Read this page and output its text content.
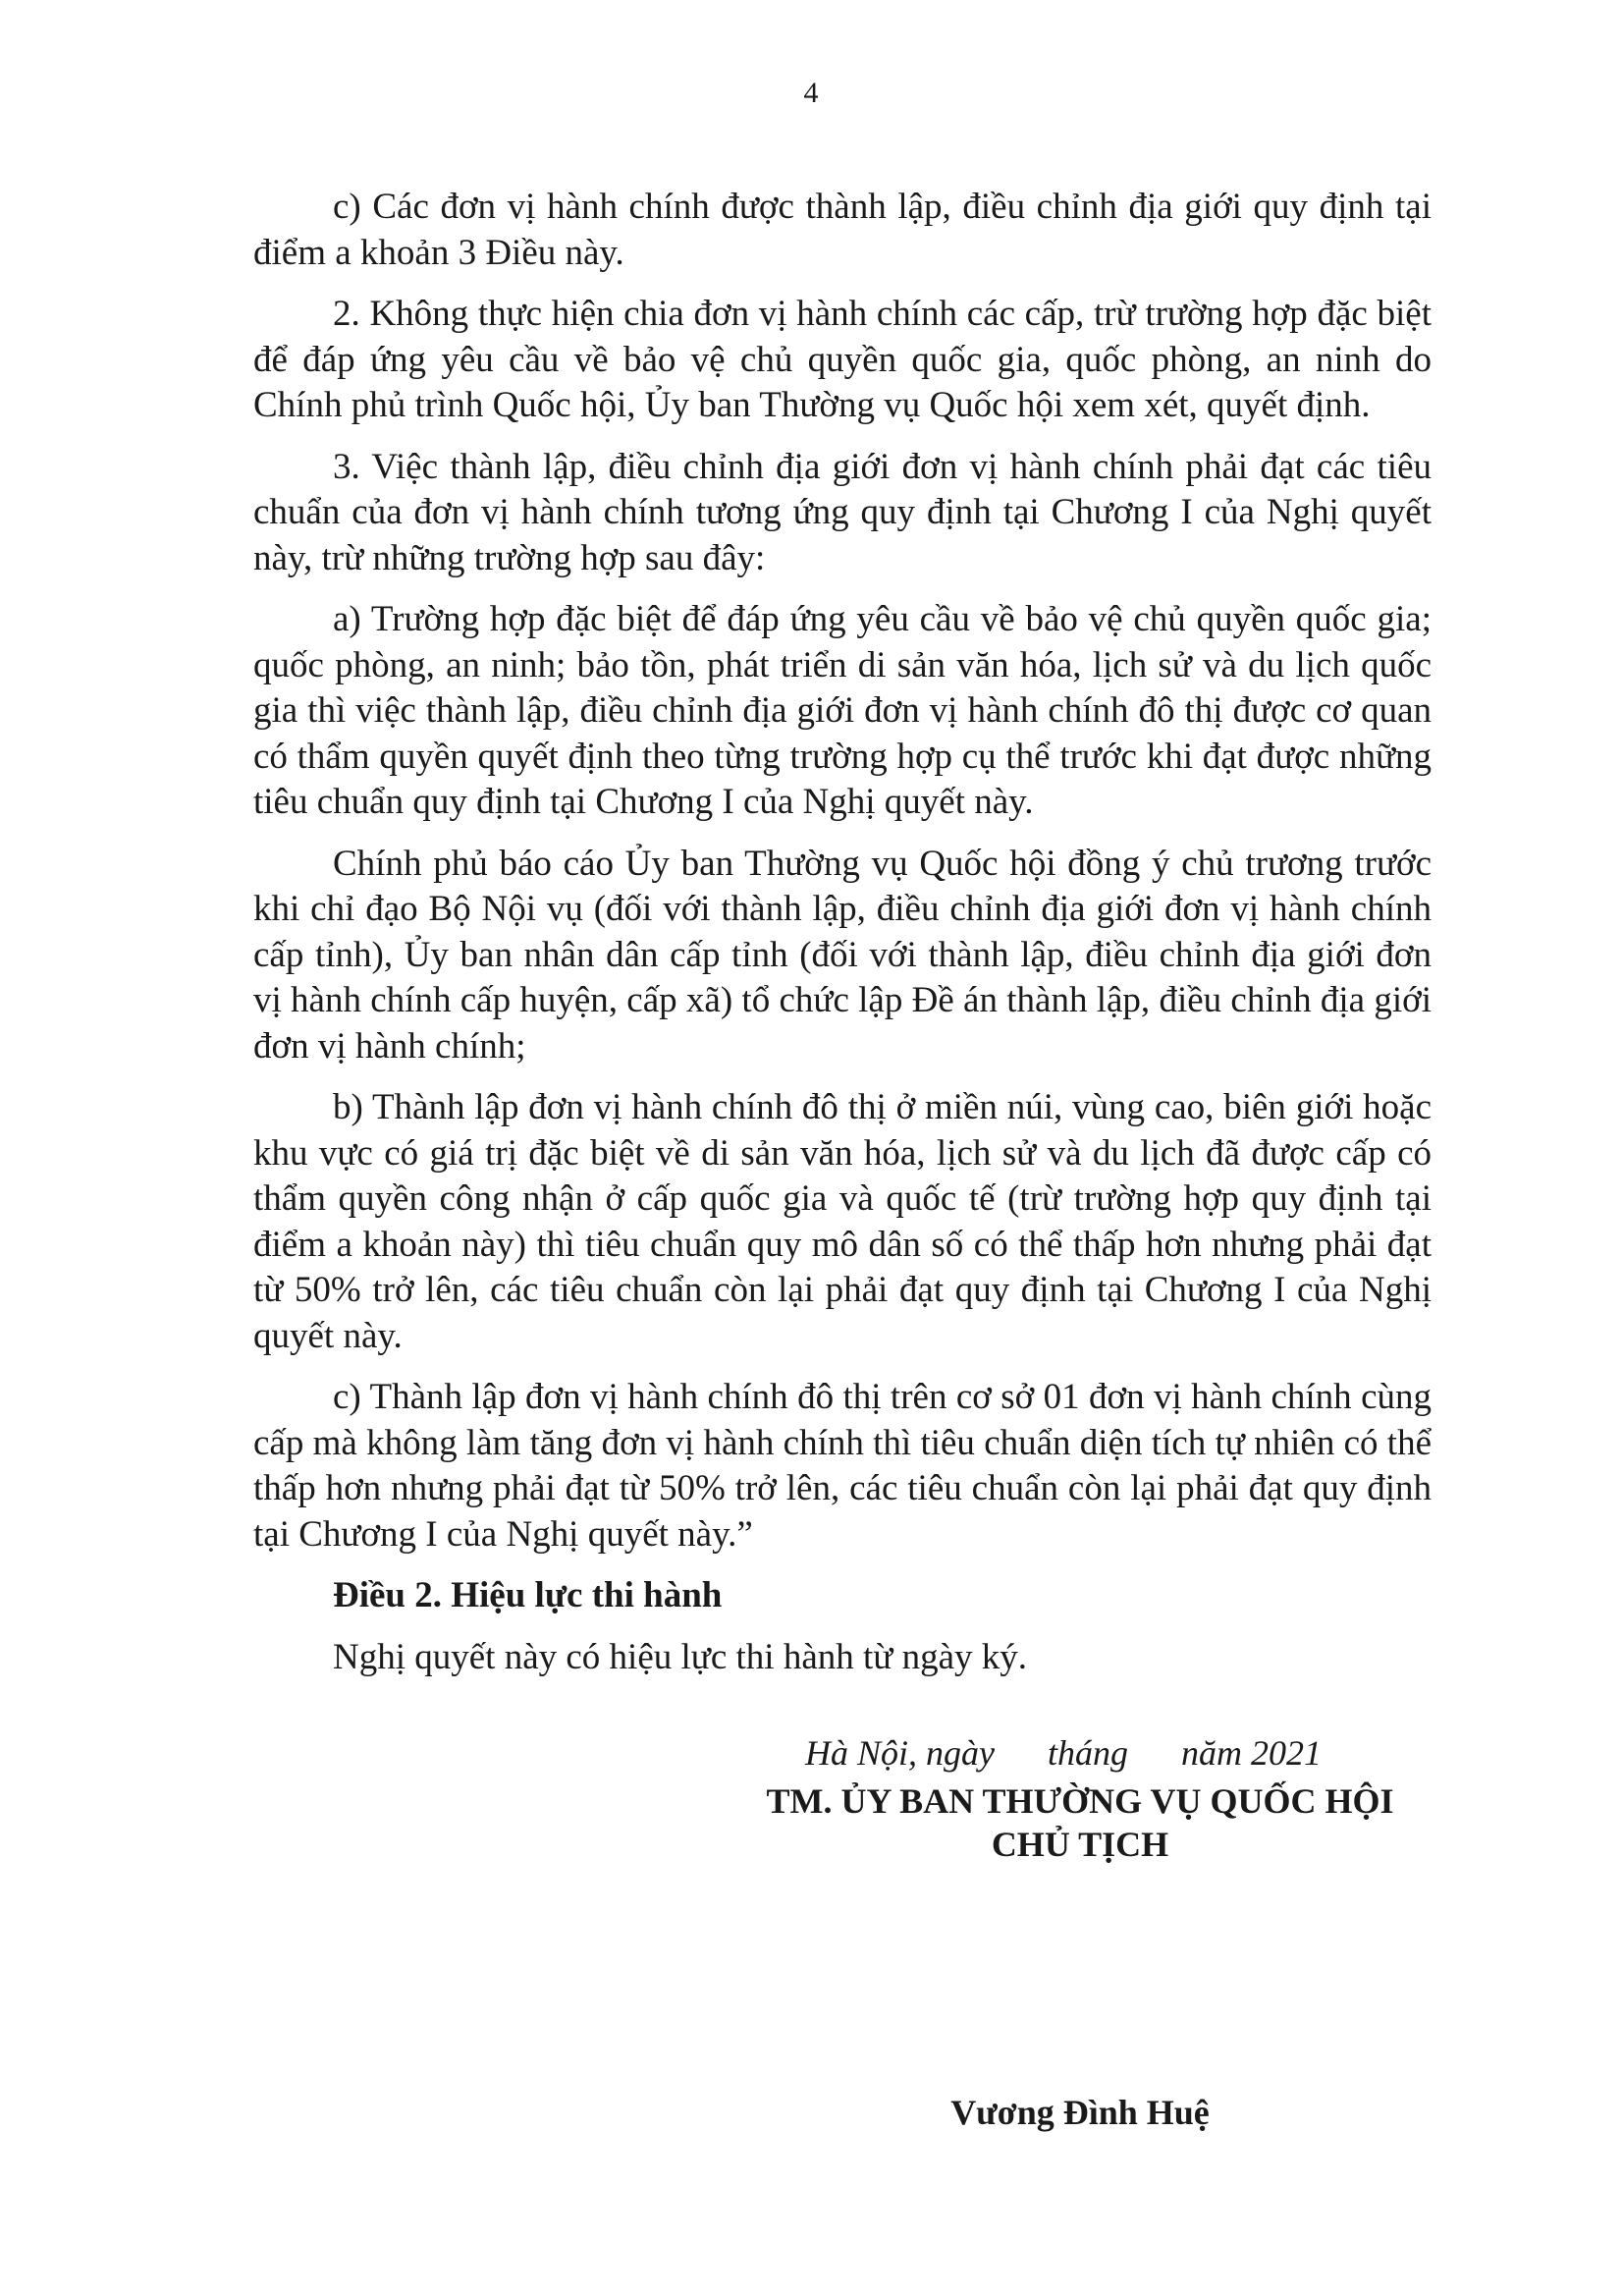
4

c) Các đơn vị hành chính được thành lập, điều chỉnh địa giới quy định tại điểm a khoản 3 Điều này.

2. Không thực hiện chia đơn vị hành chính các cấp, trừ trường hợp đặc biệt để đáp ứng yêu cầu về bảo vệ chủ quyền quốc gia, quốc phòng, an ninh do Chính phủ trình Quốc hội, Ủy ban Thường vụ Quốc hội xem xét, quyết định.

3. Việc thành lập, điều chỉnh địa giới đơn vị hành chính phải đạt các tiêu chuẩn của đơn vị hành chính tương ứng quy định tại Chương I của Nghị quyết này, trừ những trường hợp sau đây:

a) Trường hợp đặc biệt để đáp ứng yêu cầu về bảo vệ chủ quyền quốc gia; quốc phòng, an ninh; bảo tồn, phát triển di sản văn hóa, lịch sử và du lịch quốc gia thì việc thành lập, điều chỉnh địa giới đơn vị hành chính đô thị được cơ quan có thẩm quyền quyết định theo từng trường hợp cụ thể trước khi đạt được những tiêu chuẩn quy định tại Chương I của Nghị quyết này.

Chính phủ báo cáo Ủy ban Thường vụ Quốc hội đồng ý chủ trương trước khi chỉ đạo Bộ Nội vụ (đối với thành lập, điều chỉnh địa giới đơn vị hành chính cấp tỉnh), Ủy ban nhân dân cấp tỉnh (đối với thành lập, điều chỉnh địa giới đơn vị hành chính cấp huyện, cấp xã) tổ chức lập Đề án thành lập, điều chỉnh địa giới đơn vị hành chính;

b) Thành lập đơn vị hành chính đô thị ở miền núi, vùng cao, biên giới hoặc khu vực có giá trị đặc biệt về di sản văn hóa, lịch sử và du lịch đã được cấp có thẩm quyền công nhận ở cấp quốc gia và quốc tế (trừ trường hợp quy định tại điểm a khoản này) thì tiêu chuẩn quy mô dân số có thể thấp hơn nhưng phải đạt từ 50% trở lên, các tiêu chuẩn còn lại phải đạt quy định tại Chương I của Nghị quyết này.

c) Thành lập đơn vị hành chính đô thị trên cơ sở 01 đơn vị hành chính cùng cấp mà không làm tăng đơn vị hành chính thì tiêu chuẩn diện tích tự nhiên có thể thấp hơn nhưng phải đạt từ 50% trở lên, các tiêu chuẩn còn lại phải đạt quy định tại Chương I của Nghị quyết này.”

Điều 2. Hiệu lực thi hành

Nghị quyết này có hiệu lực thi hành từ ngày ký.

Hà Nội, ngày      tháng      năm 2021
TM. ỦY BAN THƯỜNG VỤ QUỐC HỘI
CHỦ TỊCH
Vương Đình Huệ
